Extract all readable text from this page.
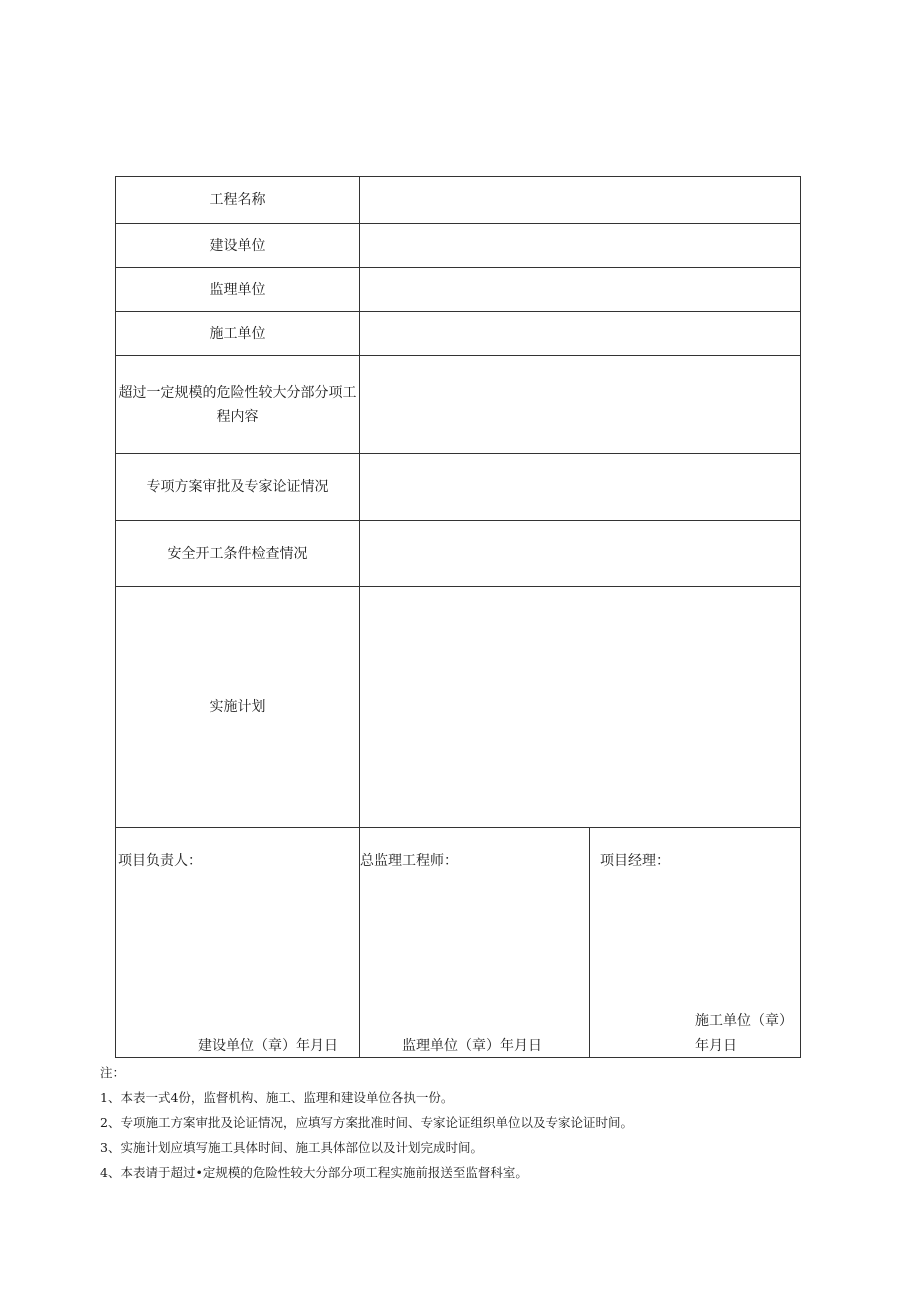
工程名称
建设单位
监理单位
施工单位
超过一定规模的危险性较大分部分项工程内容
专项方案审批及专家论证情况
安全开工条件检查情况
实施计划
项目负责人：
建设单位（章）年月日
总监理工程师：
监理单位（章）年月日
项目经理：
施工单位（章）
年月日
注：
1、本表一式4份，监督机构、施工、监理和建设单位各执一份。
2、专项施工方案审批及论证情况，应填写方案批准时间、专家论证组织单位以及专家论证时间。
3、实施计划应填写施工具体时间、施工具体部位以及计划完成时间。
4、本表请于超过•定规模的危险性较大分部分项工程实施前报送至监督科室。
